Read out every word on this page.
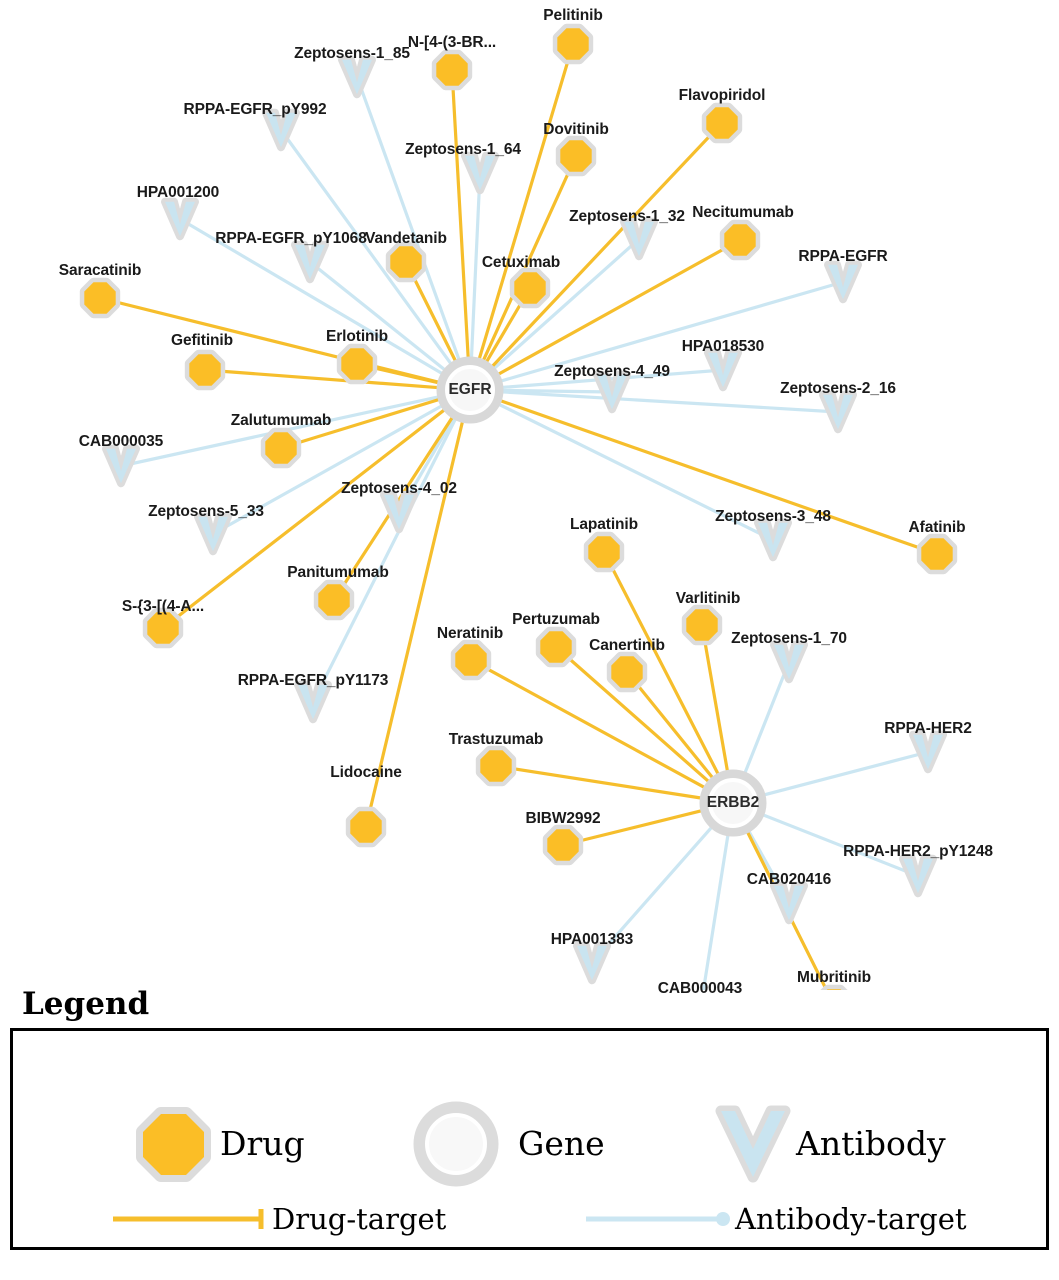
Zeptosens-1_85
RPPA-EGFR_pY992
Zeptosens-1_64
HPA001200
Zeptosens-1_32
RPPA-EGFR_pY1068
RPPA-EGFR
HPA018530
Zeptosens-4_49
Zeptosens-2_16
CAB000035
Zeptosens-4_02
Zeptosens-5_33	Zeptosens-3_48
Zeptosens-1_70
RPPA-EGFR_pY1173
RPPA-HER2
RPPA-HER2_pY1248
CAB020416
HPA001383
CAB000043
Pelitinib
N-[4-(3-BR...
Flavopiridol
Dovitinib
Necitumumab
Vandetanib
Cetuximab
Saracatinib
Gefitinib	Erlotinib
Zalutumumab
Afatinib
Lapatinib
Varlitinib
Panitumumab
S-{3-[(4-A...
Pertuzumab
Neratinib
Canertinib
Trastuzumab
Lidocaine
BIBW2992
Mubritinib
EGFR
ERBB2
Legend
Drug	Gene	Antibody
Drug-target	Antibody-target
